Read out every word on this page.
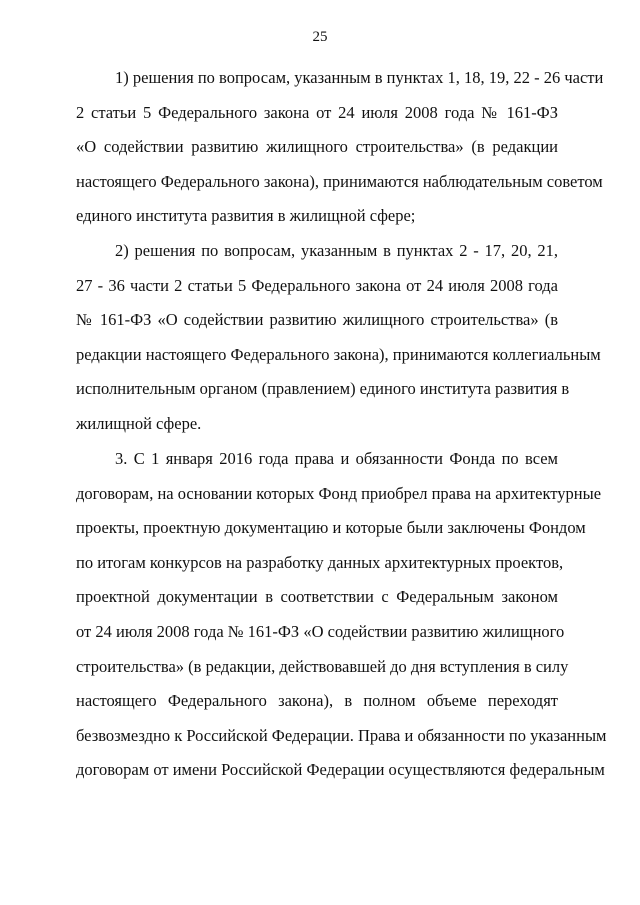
25

1) решения по вопросам, указанным в пунктах 1, 18, 19, 22 - 26 части
2 статьи 5 Федерального закона от 24 июля 2008 года № 161-ФЗ
«О содействии развитию жилищного строительства» (в редакции
настоящего Федерального закона), принимаются наблюдательным советом
единого института развития в жилищной сфере;

2) решения по вопросам, указанным в пунктах 2 - 17, 20, 21,
27 - 36 части 2 статьи 5 Федерального закона от 24 июля 2008 года
№ 161-ФЗ «О содействии развитию жилищного строительства» (в
редакции настоящего Федерального закона), принимаются коллегиальным
исполнительным органом (правлением) единого института развития в
жилищной сфере.

3. С 1 января 2016 года права и обязанности Фонда по всем
договорам, на основании которых Фонд приобрел права на архитектурные
проекты, проектную документацию и которые были заключены Фондом
по итогам конкурсов на разработку данных архитектурных проектов,
проектной документации в соответствии с Федеральным законом
от 24 июля 2008 года № 161-ФЗ «О содействии развитию жилищного
строительства» (в редакции, действовавшей до дня вступления в силу
настоящего Федерального закона), в полном объеме переходят
безвозмездно к Российской Федерации. Права и обязанности по указанным
договорам от имени Российской Федерации осуществляются федеральным
